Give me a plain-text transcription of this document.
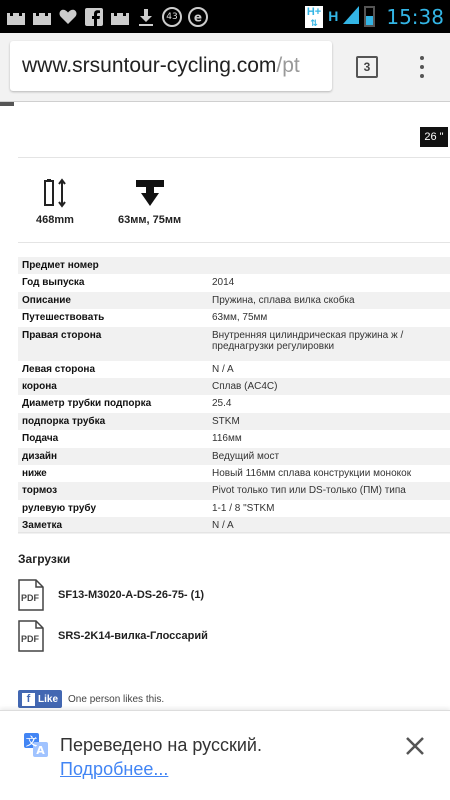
43	e	H+
⇅ H 15:38
www.srsuntour-cycling.com /pt	3
26 "
468mm	63мм, 75мм
Предмет номер	
Год выпуска	2014
Описание	Пружина, сплава вилка скобка
Путешествовать	63мм, 75мм
Правая сторона	Внутренняя цилиндрическая пружина ж / преднагрузки регулировки
Левая сторона	N / A
корона	Сплав (AC4C)
Диаметр трубки подпорка	25.4
подпорка трубка	STKM
Подача	116мм
дизайн	Ведущий мост
ниже	Новый 116мм сплава конструкции монокок
тормоз	Pivot только тип или DS-только (ПМ) типа
рулевую трубу	1-1 / 8 "STKM
Заметка	N / A
Загрузки
PDF SF13-M3020-A-DS-26-75- (1)
PDF SRS-2K14-вилка-Глоссарий
f Like One person likes this.
文
A Переведено на русский.
Подробнее...
